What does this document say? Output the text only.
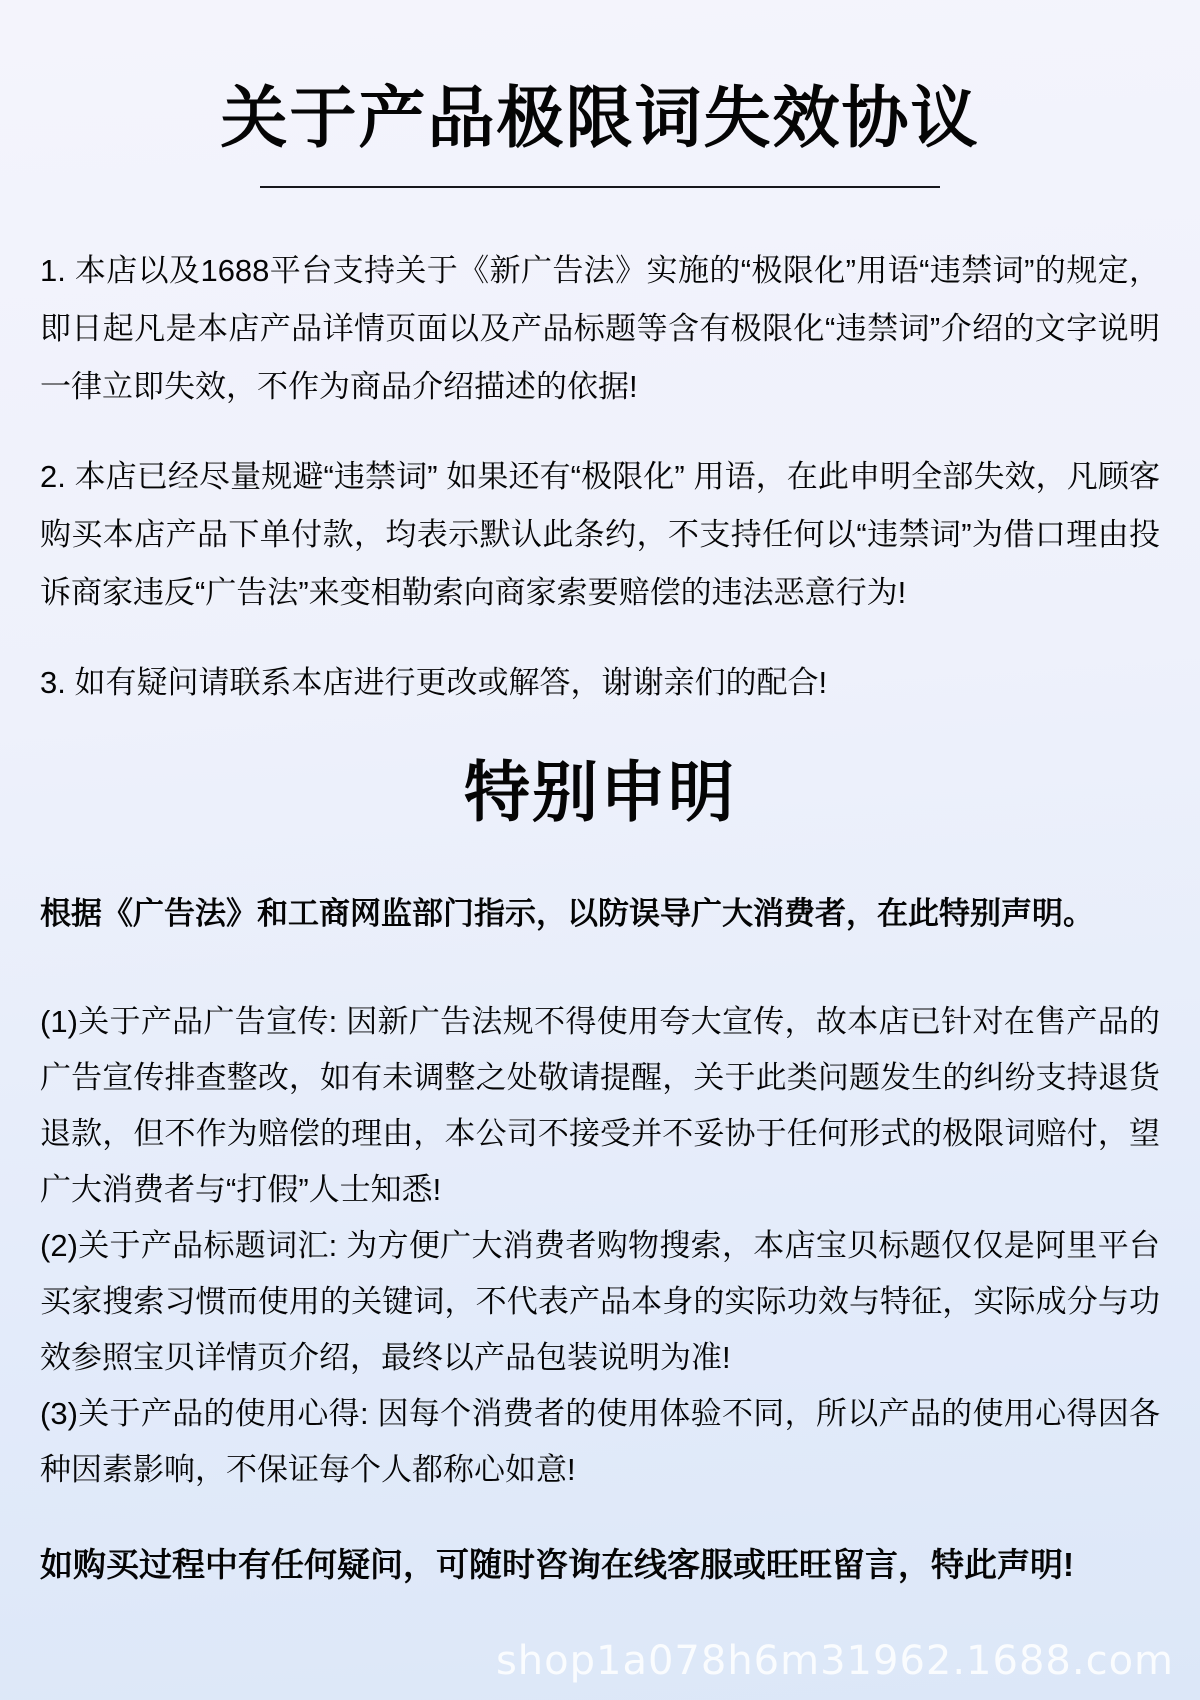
关于产品极限词失效协议

1. 本店以及1688平台支持关于《新广告法》实施的“极限化”用语“违禁词”的规定，即日起凡是本店产品详情页面以及产品标题等含有极限化“违禁词”介绍的文字说明一律立即失效，不作为商品介绍描述的依据!

2. 本店已经尽量规避“违禁词” 如果还有“极限化” 用语，在此申明全部失效，凡顾客购买本店产品下单付款，均表示默认此条约，不支持任何以“违禁词”为借口理由投诉商家违反“广告法”来变相勒索向商家索要赔偿的违法恶意行为!

3. 如有疑问请联系本店进行更改或解答，谢谢亲们的配合!

特别申明

根据《广告法》和工商网监部门指示，以防误导广大消费者，在此特别声明。

(1)关于产品广告宣传: 因新广告法规不得使用夸大宣传，故本店已针对在售产品的广告宣传排查整改，如有未调整之处敬请提醒，关于此类问题发生的纠纷支持退货退款，但不作为赔偿的理由，本公司不接受并不妥协于任何形式的极限词赔付，望广大消费者与“打假”人士知悉!

(2)关于产品标题词汇: 为方便广大消费者购物搜索，本店宝贝标题仅仅是阿里平台买家搜索习惯而使用的关键词，不代表产品本身的实际功效与特征，实际成分与功效参照宝贝详情页介绍，最终以产品包装说明为准!

(3)关于产品的使用心得: 因每个消费者的使用体验不同，所以产品的使用心得因各种因素影响，不保证每个人都称心如意!

如购买过程中有任何疑问，可随时咨询在线客服或旺旺留言，特此声明!

shop1a078h6m31962.1688.com
